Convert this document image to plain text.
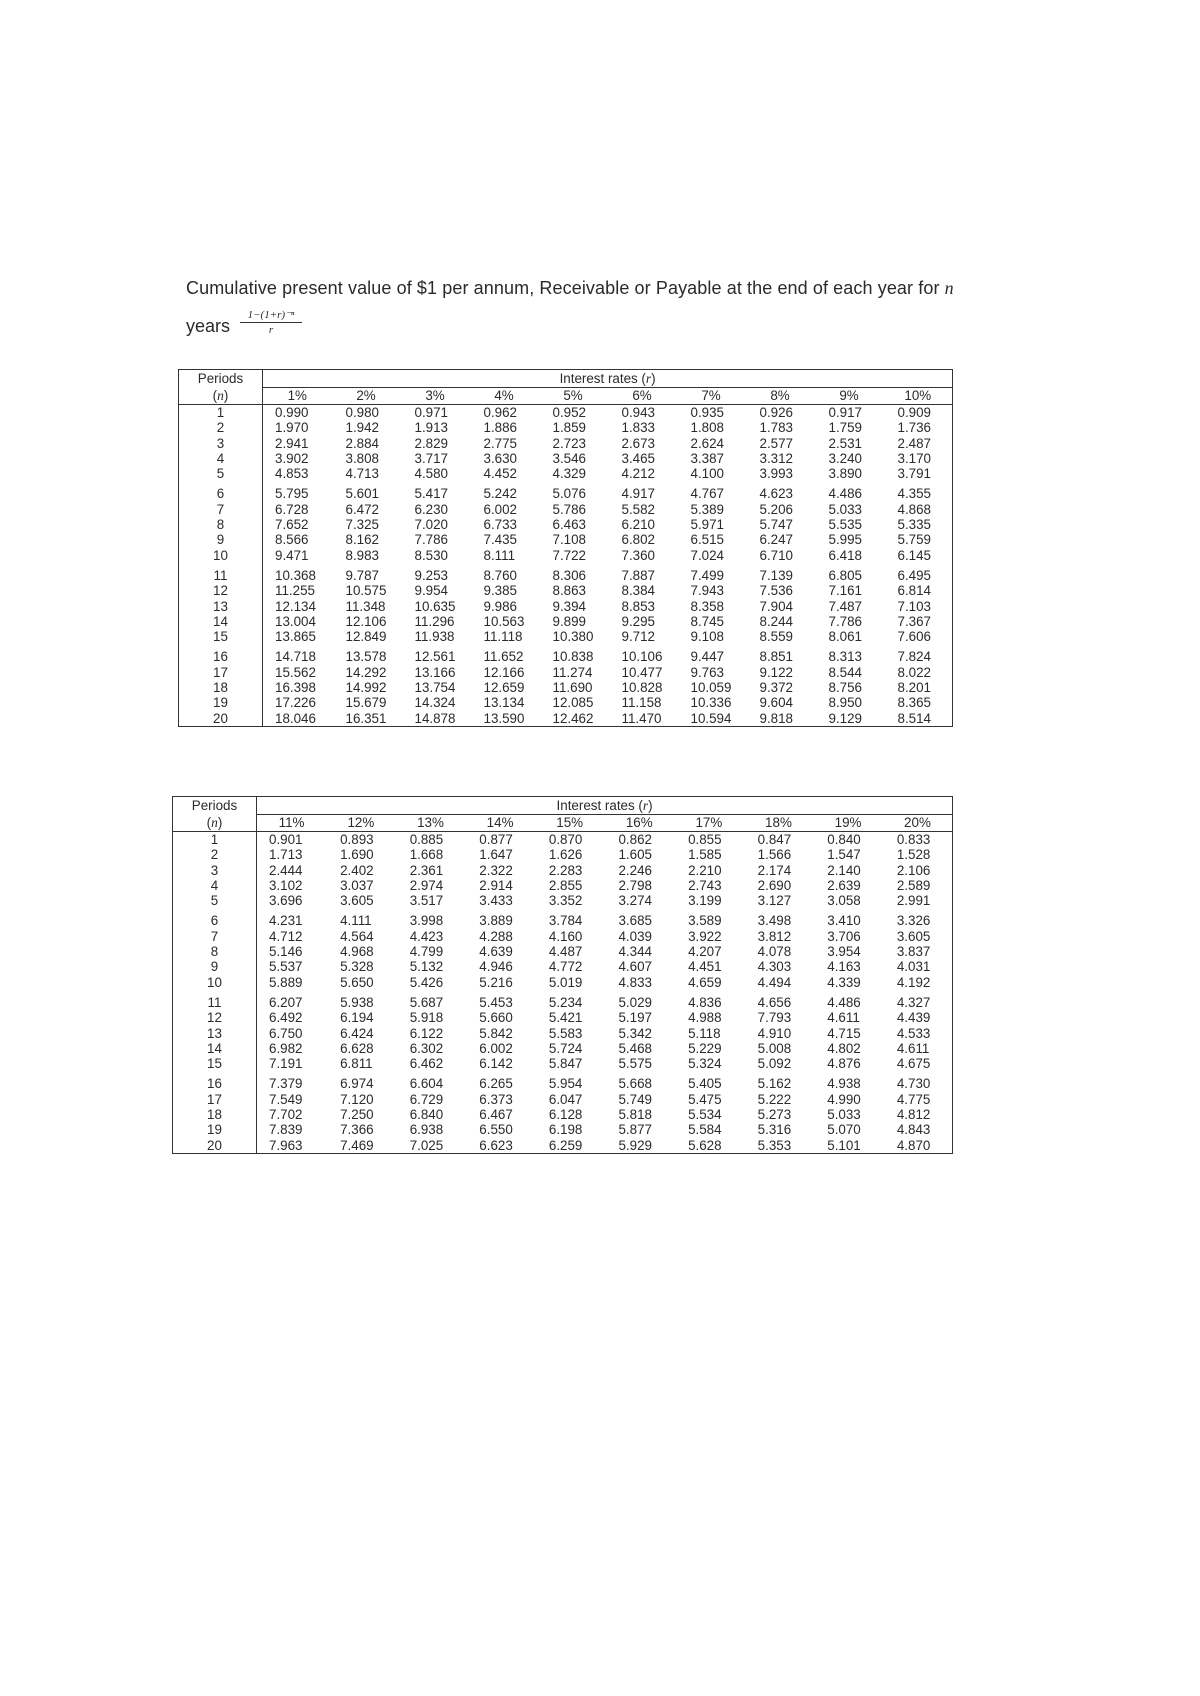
Cumulative present value of $1 per annum, Receivable or Payable at the end of each year for n
years $\frac{\text{1−(1+r)⁻ⁿ}}{r}$
Periods	Interest rates (r)									
(n)	1%	2%	3%	4%	5%	6%	7%	8%	9%	10%
1	0.990	0.980	0.971	0.962	0.952	0.943	0.935	0.926	0.917	0.909
2	1.970	1.942	1.913	1.886	1.859	1.833	1.808	1.783	1.759	1.736
3	2.941	2.884	2.829	2.775	2.723	2.673	2.624	2.577	2.531	2.487
4	3.902	3.808	3.717	3.630	3.546	3.465	3.387	3.312	3.240	3.170
5	4.853	4.713	4.580	4.452	4.329	4.212	4.100	3.993	3.890	3.791
6	5.795	5.601	5.417	5.242	5.076	4.917	4.767	4.623	4.486	4.355
7	6.728	6.472	6.230	6.002	5.786	5.582	5.389	5.206	5.033	4.868
8	7.652	7.325	7.020	6.733	6.463	6.210	5.971	5.747	5.535	5.335
9	8.566	8.162	7.786	7.435	7.108	6.802	6.515	6.247	5.995	5.759
10	9.471	8.983	8.530	8.111	7.722	7.360	7.024	6.710	6.418	6.145
11	10.368	9.787	9.253	8.760	8.306	7.887	7.499	7.139	6.805	6.495
12	11.255	10.575	9.954	9.385	8.863	8.384	7.943	7.536	7.161	6.814
13	12.134	11.348	10.635	9.986	9.394	8.853	8.358	7.904	7.487	7.103
14	13.004	12.106	11.296	10.563	9.899	9.295	8.745	8.244	7.786	7.367
15	13.865	12.849	11.938	11.118	10.380	9.712	9.108	8.559	8.061	7.606
16	14.718	13.578	12.561	11.652	10.838	10.106	9.447	8.851	8.313	7.824
17	15.562	14.292	13.166	12.166	11.274	10.477	9.763	9.122	8.544	8.022
18	16.398	14.992	13.754	12.659	11.690	10.828	10.059	9.372	8.756	8.201
19	17.226	15.679	14.324	13.134	12.085	11.158	10.336	9.604	8.950	8.365
20	18.046	16.351	14.878	13.590	12.462	11.470	10.594	9.818	9.129	8.514
Periods	Interest rates (r)									
(n)	11%	12%	13%	14%	15%	16%	17%	18%	19%	20%
1	0.901	0.893	0.885	0.877	0.870	0.862	0.855	0.847	0.840	0.833
2	1.713	1.690	1.668	1.647	1.626	1.605	1.585	1.566	1.547	1.528
3	2.444	2.402	2.361	2.322	2.283	2.246	2.210	2.174	2.140	2.106
4	3.102	3.037	2.974	2.914	2.855	2.798	2.743	2.690	2.639	2.589
5	3.696	3.605	3.517	3.433	3.352	3.274	3.199	3.127	3.058	2.991
6	4.231	4.111	3.998	3.889	3.784	3.685	3.589	3.498	3.410	3.326
7	4.712	4.564	4.423	4.288	4.160	4.039	3.922	3.812	3.706	3.605
8	5.146	4.968	4.799	4.639	4.487	4.344	4.207	4.078	3.954	3.837
9	5.537	5.328	5.132	4.946	4.772	4.607	4.451	4.303	4.163	4.031
10	5.889	5.650	5.426	5.216	5.019	4.833	4.659	4.494	4.339	4.192
11	6.207	5.938	5.687	5.453	5.234	5.029	4.836	4.656	4.486	4.327
12	6.492	6.194	5.918	5.660	5.421	5.197	4.988	7.793	4.611	4.439
13	6.750	6.424	6.122	5.842	5.583	5.342	5.118	4.910	4.715	4.533
14	6.982	6.628	6.302	6.002	5.724	5.468	5.229	5.008	4.802	4.611
15	7.191	6.811	6.462	6.142	5.847	5.575	5.324	5.092	4.876	4.675
16	7.379	6.974	6.604	6.265	5.954	5.668	5.405	5.162	4.938	4.730
17	7.549	7.120	6.729	6.373	6.047	5.749	5.475	5.222	4.990	4.775
18	7.702	7.250	6.840	6.467	6.128	5.818	5.534	5.273	5.033	4.812
19	7.839	7.366	6.938	6.550	6.198	5.877	5.584	5.316	5.070	4.843
20	7.963	7.469	7.025	6.623	6.259	5.929	5.628	5.353	5.101	4.870
